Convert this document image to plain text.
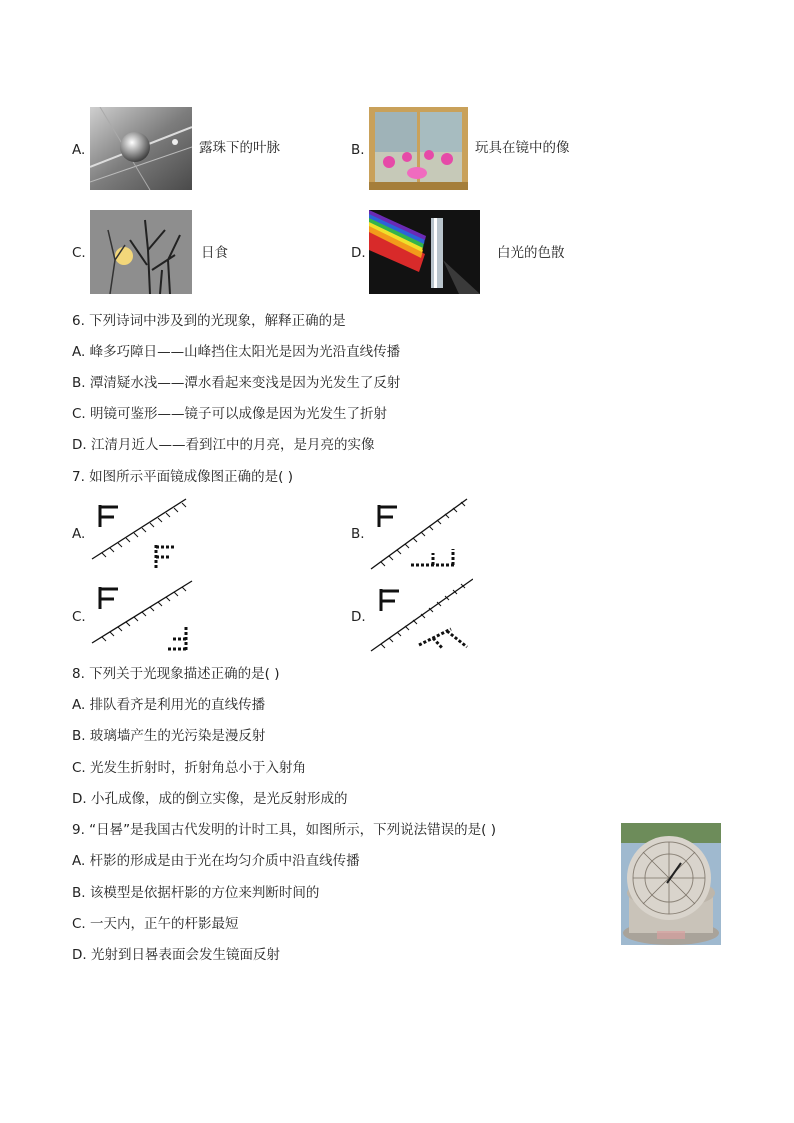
A.	露珠下的叶脉	B.	玩具在镜中的像
C.	日食	D.	白光的色散
6. 下列诗词中涉及到的光现象，解释正确的是
A. 峰多巧障日——山峰挡住太阳光是因为光沿直线传播
B. 潭清疑水浅——潭水看起来变浅是因为光发生了反射
C. 明镜可鉴形——镜子可以成像是因为光发生了折射
D. 江清月近人——看到江中的月亮，是月亮的实像
7. 如图所示平面镜成像图正确的是( )
A.	B.
C.	D.
8. 下列关于光现象描述正确的是( )
A. 排队看齐是利用光的直线传播
B. 玻璃墙产生的光污染是漫反射
C. 光发生折射时，折射角总小于入射角
D. 小孔成像，成的倒立实像，是光反射形成的
9. “日晷”是我国古代发明的计时工具，如图所示，下列说法错误的是( )
A. 杆影的形成是由于光在均匀介质中沿直线传播
B. 该模型是依据杆影的方位来判断时间的
C. 一天内，正午的杆影最短
D. 光射到日晷表面会发生镜面反射
